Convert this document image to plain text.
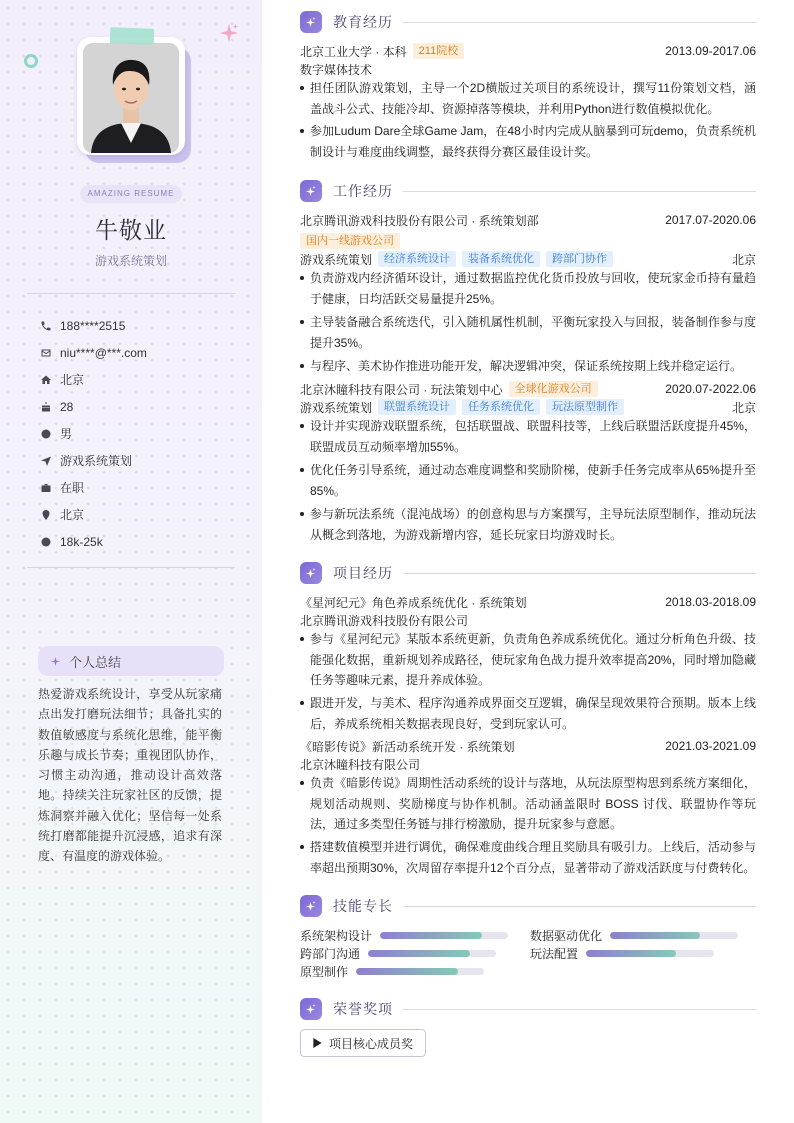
AMAZING RESUME
牛敬业
游戏系统策划
188****2515
niu****@***.com
北京
28
男
游戏系统策划
在职
北京
18k-25k
个人总结
热爱游戏系统设计，享受从玩家痛点出发打磨玩法细节；具备扎实的数值敏感度与系统化思维，能平衡乐趣与成长节奏；重视团队协作，习惯主动沟通，推动设计高效落地。持续关注玩家社区的反馈，提炼洞察并融入优化；坚信每一处系统打磨都能提升沉浸感，追求有深度、有温度的游戏体验。
教育经历
北京工业大学 · 本科	211院校	2013.09-2017.06
数字媒体技术
担任团队游戏策划，主导一个2D横版过关项目的系统设计，撰写11份策划文档，涵盖战斗公式、技能冷却、资源掉落等模块，并利用Python进行数值模拟优化。
参加Ludum Dare全球Game Jam，在48小时内完成从脑暴到可玩demo，负责系统机制设计与难度曲线调整，最终获得分赛区最佳设计奖。
工作经历
北京腾讯游戏科技股份有限公司 · 系统策划部	2017.07-2020.06
国内一线游戏公司
游戏系统策划	经济系统设计	装备系统优化	跨部门协作	北京
负责游戏内经济循环设计，通过数据监控优化货币投放与回收，使玩家金币持有量趋于健康，日均活跃交易量提升25%。
主导装备融合系统迭代，引入随机属性机制，平衡玩家投入与回报，装备制作参与度提升35%。
与程序、美术协作推进功能开发，解决逻辑冲突，保证系统按期上线并稳定运行。
北京沐瞳科技有限公司 · 玩法策划中心	全球化游戏公司	2020.07-2022.06
游戏系统策划	联盟系统设计	任务系统优化	玩法原型制作	北京
设计并实现游戏联盟系统，包括联盟战、联盟科技等，上线后联盟活跃度提升45%，联盟成员互动频率增加55%。
优化任务引导系统，通过动态难度调整和奖励阶梯，使新手任务完成率从65%提升至85%。
参与新玩法系统（混沌战场）的创意构思与方案撰写，主导玩法原型制作，推动玩法从概念到落地，为游戏新增内容，延长玩家日均游戏时长。
项目经历
《星河纪元》角色养成系统优化 · 系统策划	2018.03-2018.09
北京腾讯游戏科技股份有限公司
参与《星河纪元》某版本系统更新，负责角色养成系统优化。通过分析角色升级、技能强化数据，重新规划养成路径，使玩家角色战力提升效率提高20%，同时增加隐藏任务等趣味元素，提升养成体验。
跟进开发，与美术、程序沟通养成界面交互逻辑，确保呈现效果符合预期。版本上线后，养成系统相关数据表现良好，受到玩家认可。
《暗影传说》新活动系统开发 · 系统策划	2021.03-2021.09
北京沐瞳科技有限公司
负责《暗影传说》周期性活动系统的设计与落地，从玩法原型构思到系统方案细化，规划活动规则、奖励梯度与协作机制。活动涵盖限时 BOSS 讨伐、联盟协作等玩法，通过多类型任务链与排行榜激励，提升玩家参与意愿。
搭建数值模型并进行调优，确保难度曲线合理且奖励具有吸引力。上线后，活动参与率超出预期30%，次周留存率提升12个百分点，显著带动了游戏活跃度与付费转化。
技能专长
系统架构设计	数据驱动优化
跨部门沟通	玩法配置
原型制作
荣誉奖项
项目核心成员奖
